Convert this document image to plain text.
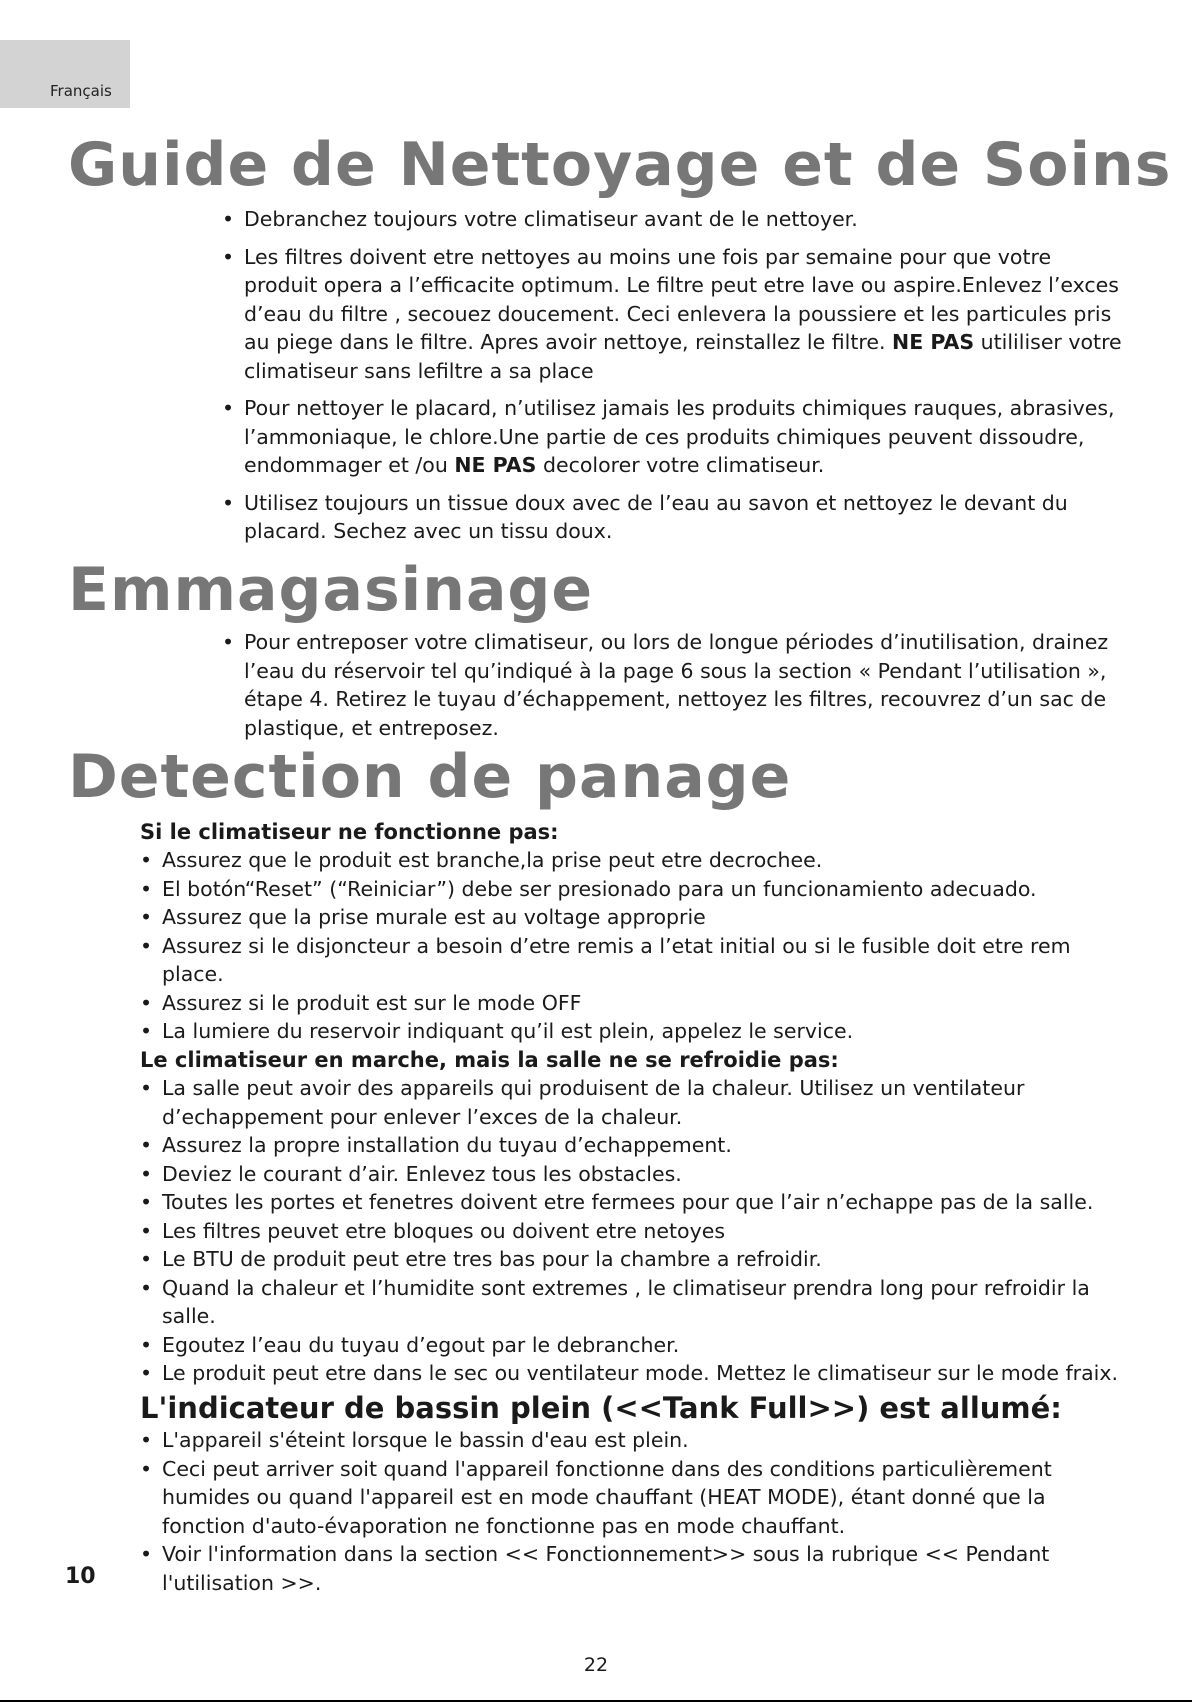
Français
Guide de Nettoyage et de Soins
• Debranchez toujours votre climatiseur avant de le nettoyer.
• Les filtres doivent etre nettoyes au moins une fois par semaine pour que votre produit opera a l’efficacite optimum. Le filtre peut etre lave ou aspire.Enlevez l’exces d’eau du filtre , secouez doucement. Ceci enlevera la poussiere et les particules pris au piege dans le filtre. Apres avoir nettoye, reinstallez le filtre. NE PAS utililiser votre climatiseur sans lefiltre a sa place
• Pour nettoyer le placard, n’utilisez jamais les produits chimiques rauques, abrasives, l’ammoniaque, le chlore.Une partie de ces produits chimiques peuvent dissoudre, endommager et /ou NE PAS decolorer votre climatiseur.
• Utilisez toujours un tissue doux avec de l’eau au savon et nettoyez le devant du placard. Sechez avec un tissu doux.
Emmagasinage
• Pour entreposer votre climatiseur, ou lors de longue périodes d’inutilisation, drainez l’eau du réservoir tel qu’indiqué à la page 6 sous la section « Pendant l’utilisation », étape 4. Retirez le tuyau d’échappement, nettoyez les filtres, recouvrez d’un sac de plastique, et entreposez.
Detection de panage

Si le climatiseur ne fonctionne pas:

• Assurez que le produit est branche,la prise peut etre decrochee.
• El botón“Reset” (“Reiniciar”) debe ser presionado para un funcionamiento adecuado.
• Assurez que la prise murale est au voltage approprie
• Assurez si le disjoncteur a besoin d’etre remis a l’etat initial ou si le fusible doit etre rem place.
• Assurez si le produit est sur le mode OFF
• La lumiere du reservoir indiquant qu’il est plein, appelez le service.

Le climatiseur en marche, mais la salle ne se refroidie pas:

• La salle peut avoir des appareils qui produisent de la chaleur. Utilisez un ventilateur d’echappement pour enlever l’exces de la chaleur.
• Assurez la propre installation du tuyau d’echappement.
• Deviez le courant d’air. Enlevez tous les obstacles.
• Toutes les portes et fenetres doivent etre fermees pour que l’air n’echappe pas de la salle.
• Les filtres peuvet etre bloques ou doivent etre netoyes
• Le BTU de produit peut etre tres bas pour la chambre a refroidir.
• Quand la chaleur et l’humidite sont extremes , le climatiseur prendra long pour refroidir la salle.
• Egoutez l’eau du tuyau d’egout par le debrancher.
• Le produit peut etre dans le sec ou ventilateur mode. Mettez le climatiseur sur le mode fraix.

L'indicateur de bassin plein (<<Tank Full>>) est allumé:

• L'appareil s'éteint lorsque le bassin d'eau est plein.
• Ceci peut arriver soit quand l'appareil fonctionne dans des conditions particulièrement humides ou quand l'appareil est en mode chauffant (HEAT MODE), étant donné que la fonction d'auto-évaporation ne fonctionne pas en mode chauffant.
• Voir l'information dans la section << Fonctionnement>> sous la rubrique << Pendant l'utilisation >>.
10
22
